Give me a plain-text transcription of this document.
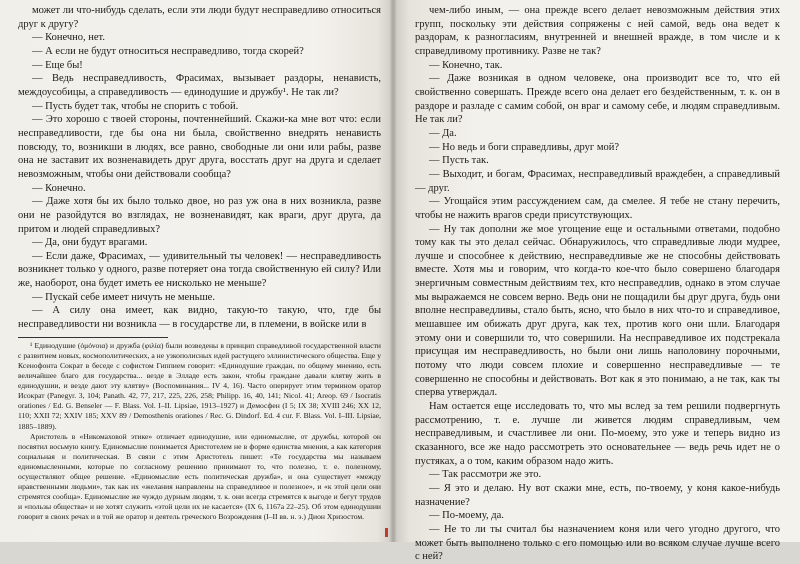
может ли что-нибудь сделать, если эти люди будут несправедливо относиться друг к другу?

— Конечно, нет.

— А если не будут относиться несправедливо, тогда скорей?

— Еще бы!

— Ведь несправедливость, Фрасимах, вызывает раздоры, ненависть, междоусобицы, а справедливость — единодушие и дружбу¹. Не так ли?

— Пусть будет так, чтобы не спорить с тобой.

— Это хорошо с твоей стороны, почтеннейший. Скажи-ка мне вот что: если несправедливости, где бы она ни была, свойственно внедрять ненависть повсюду, то, возникши в людях, все равно, свободные ли они или рабы, разве она не заставит их возненавидеть друг друга, восстать друг на друга и сделает невозможным, чтобы они действовали сообща?

— Конечно.

— Даже хотя бы их было только двое, но раз уж она в них возникла, разве они не разойдутся во взглядах, не возненавидят, как враги, друг друга, да притом и людей справедливых?

— Да, они будут врагами.

— Если даже, Фрасимах, — удивительный ты человек! — несправедливость возникнет только у одного, разве потеряет она тогда свойственную ей силу? Или же, наоборот, она будет иметь ее нисколько не меньше?

— Пускай себе имеет ничуть не меньше.

— А силу она имеет, как видно, такую-то такую, что, где бы несправедливости ни возникла — в государстве ли, в племени, в войске или в

¹ Единодушие (ὁμόνοια) и дружба (φιλία) были возведены в принцип справедливой государственной власти с развитием новых, космополитических, а не узкополисных идей растущего эллинистического общества. Еще у Ксенофонта Сократ в беседе с софистом Гиппием говорит: «Единодушие граждан, по общему мнению, есть величайшее благо для государства... везде в Элладе есть закон, чтобы граждане давали клятву жить в единодушии, и везде дают эту клятву» (Воспоминания... IV 4, 16). Часто оперирует этим термином оратор Исократ (Panegyr. 3, 104; Panath. 42, 77, 217, 225, 226, 258; Philipp. 16, 40, 141; Nicol. 41; Areop. 69 / Isocratis orationes / Ed. G. Benseler — F. Blass. Vol. I–II. Lipsiae, 1913–1927) и Демосфен (I 5; IX 38; XVIII 246; XX 12, 110; XXII 72; XXIV 185; XXV 89 / Demosthenis orationes / Rec. G. Dindorf. Ed. 4 cur. F. Blass. Vol. I–III. Lipsiae, 1885–1889).

Аристотель в «Никомаховой этике» отличает единодушие, или единомыслие, от дружбы, которой он посвятил восьмую книгу. Единомыслие понимается Аристотелем не в форме единства мнения, а как категория социальная и политическая. В связи с этим Аристотель пишет: «Те государства мы называем единомысленными, которые по согласному решению принимают то, что полезно, т. е. полезному, осуществляют общее решение. «Единомыслие есть политическая дружба», и она существует «между нравственными людьми», так как их «желания направлены на справедливое и полезное», и «к этой цели они стремятся сообща». Единомыслие же чуждо дурным людям, т. к. они всегда стремятся к выгоде и бегут трудов и «пользы общества» и не хотят служить «этой цели их не касается» (IX 6, 1167a 22–25). Об этом единодушии говорит в своих речах и в той же оратор и деятель греческого Возрождения (I–II вв. н. э.) Дион Хризостом.

чем-либо иным, — она прежде всего делает невозможным действия этих групп, поскольку эти действия сопряжены с ней самой, ведь она ведет к раздорам, к разногласиям, внутренней и внешней вражде, в том числе и к справедливому противнику. Разве не так?

— Конечно, так.

— Даже возникая в одном человеке, она производит все то, что ей свойственно совершать. Прежде всего она делает его бездейственным, т. к. он в раздоре и разладе с самим собой, он враг и самому себе, и людям справедливым. Не так ли?

— Да.

— Но ведь и боги справедливы, друг мой?

— Пусть так.

— Выходит, и богам, Фрасимах, несправедливый враждебен, а справедливый — друг.

— Угощайся этим рассуждением сам, да смелее. Я тебе не стану перечить, чтобы не нажить врагов среди присутствующих.

— Ну так дополни же мое угощение еще и остальными ответами, подобно тому как ты это делал сейчас. Обнаружилось, что справедливые люди мудрее, лучше и способнее к действию, несправедливые же не способны действовать вместе. Хотя мы и говорим, что когда-то кое-что было совершено благодаря энергичным совместным действиям тех, кто несправедлив, однако в этом случае мы выражаемся не совсем верно. Ведь они не пощадили бы друг друга, будь они вполне несправедливы, стало быть, ясно, что было в них что-то и справедливое, мешавшее им обижать друг друга, как тех, против кого они шли. Благодаря этому они и совершили то, что совершили. На несправедливое их подстрекала присущая им несправедливость, но были они лишь наполовину порочными, потому что люди совсем плохие и совершенно несправедливые — те совершенно не способны и действовать. Вот как я это понимаю, а не так, как ты сперва утверждал.

Нам остается еще исследовать то, что мы вслед за тем решили подвергнуть рассмотрению, т. е. лучше ли живется людям справедливым, чем несправедливым, и счастливее ли они. По-моему, это уже и теперь видно из сказанного, все же надо рассмотреть это основательнее — ведь речь идет не о пустяках, а о том, каким образом надо жить.

— Так рассмотри же это.

— Я это и делаю. Ну вот скажи мне, есть, по-твоему, у коня какое-нибудь назначение?

— По-моему, да.

— Не то ли ты считал бы назначением коня или чего угодно другого, что может быть выполнено только с его помощью или во всяком случае лучше всего с ней?
